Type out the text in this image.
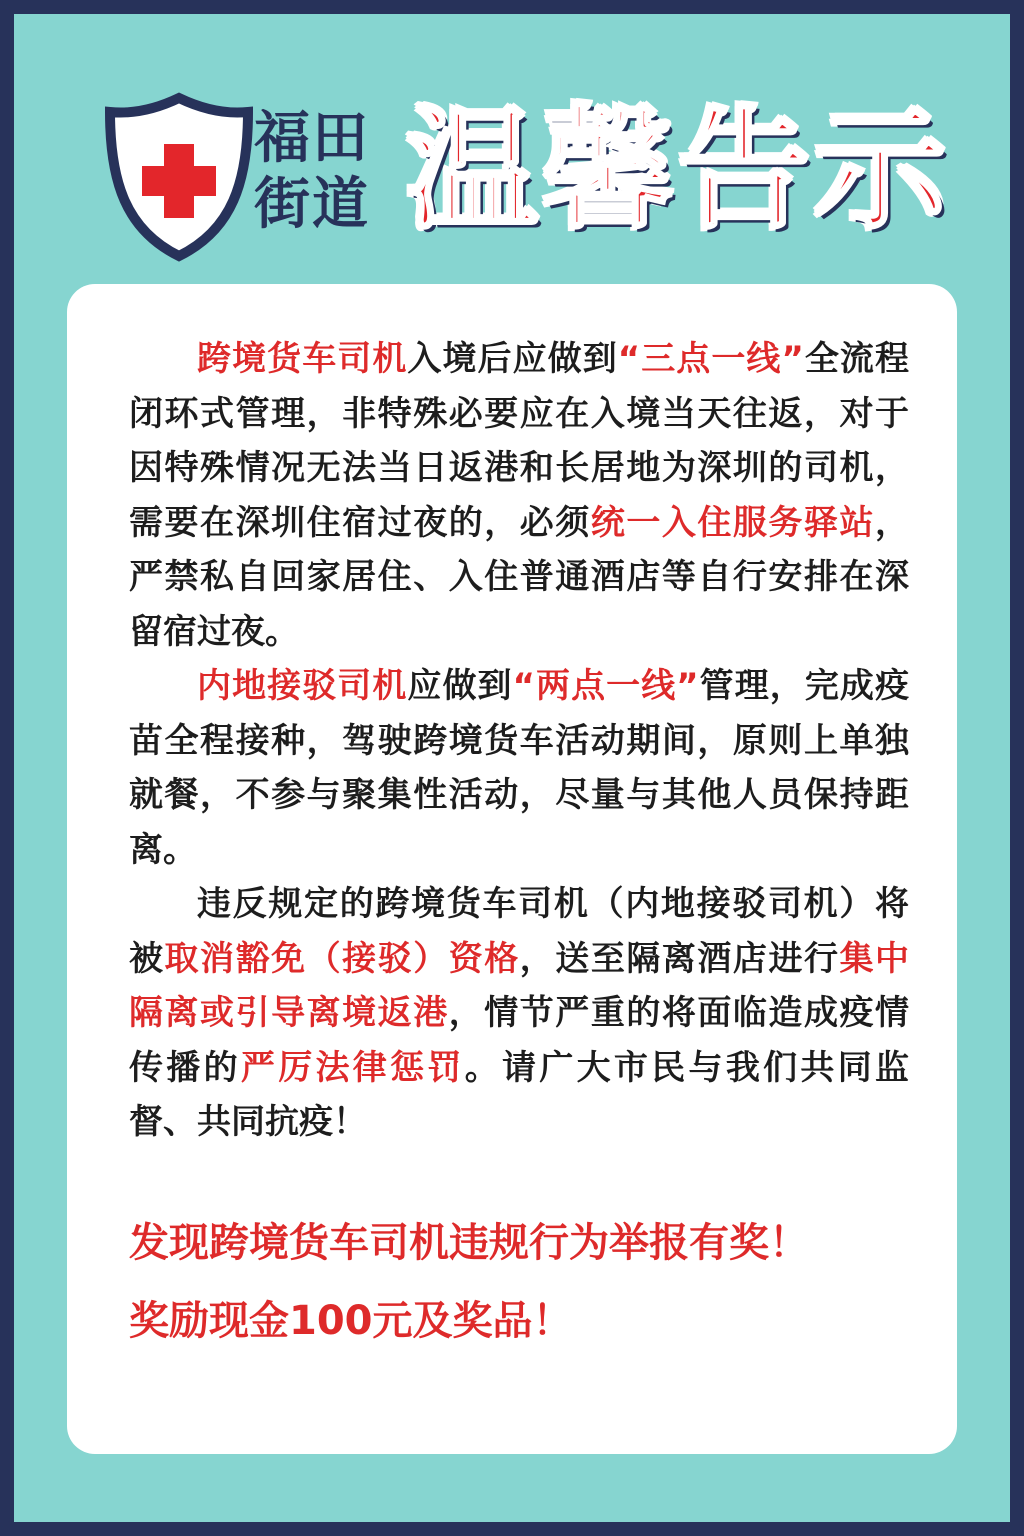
福田
街道 温馨告示

跨境货车司机入境后应做到“三点一线”全流程闭环式管理，非特殊必要应在入境当天往返，对于因特殊情况无法当日返港和长居地为深圳的司机，需要在深圳住宿过夜的，必须统一入住服务驿站，严禁私自回家居住、入住普通酒店等自行安排在深留宿过夜。

内地接驳司机应做到“两点一线”管理，完成疫苗全程接种，驾驶跨境货车活动期间，原则上单独就餐，不参与聚集性活动，尽量与其他人员保持距离。

违反规定的跨境货车司机（内地接驳司机）将被取消豁免（接驳）资格，送至隔离酒店进行集中隔离或引导离境返港，情节严重的将面临造成疫情传播的严厉法律惩罚。请广大市民与我们共同监督、共同抗疫！

发现跨境货车司机违规行为举报有奖！
奖励现金100元及奖品！
